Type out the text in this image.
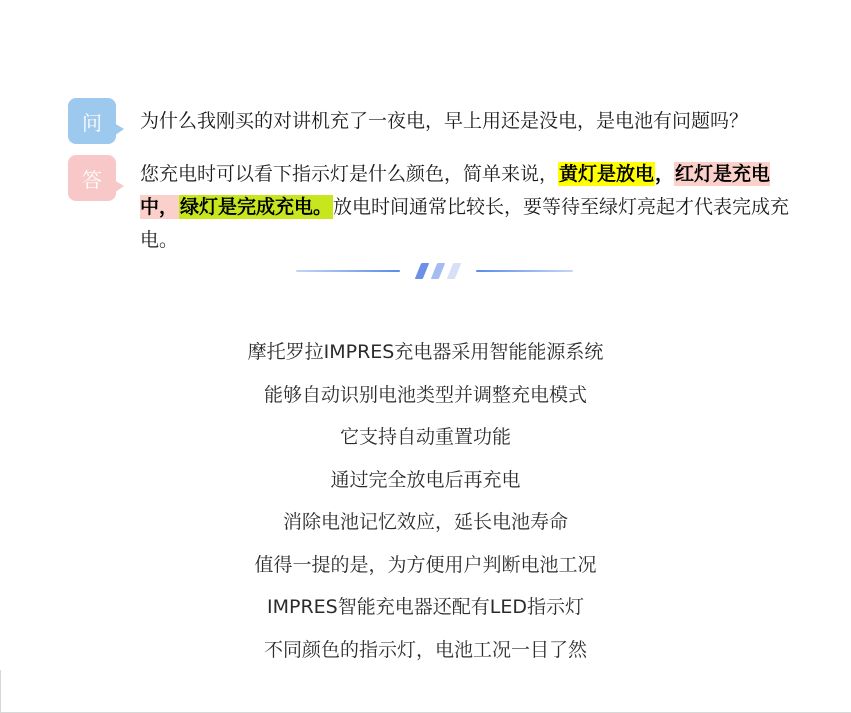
问 为什么我刚买的对讲机充了一夜电，早上用还是没电，是电池有问题吗？
答 您充电时可以看下指示灯是什么颜色，简单来说，黄灯是放电，红灯是充电中， 绿灯是完成充电。放电时间通常比较长，要等待至绿灯亮起才代表完成充电。
摩托罗拉IMPRES充电器采用智能能源系统
能够自动识别电池类型并调整充电模式
它支持自动重置功能
通过完全放电后再充电
消除电池记忆效应，延长电池寿命
值得一提的是，为方便用户判断电池工况
IMPRES智能充电器还配有LED指示灯
不同颜色的指示灯，电池工况一目了然
